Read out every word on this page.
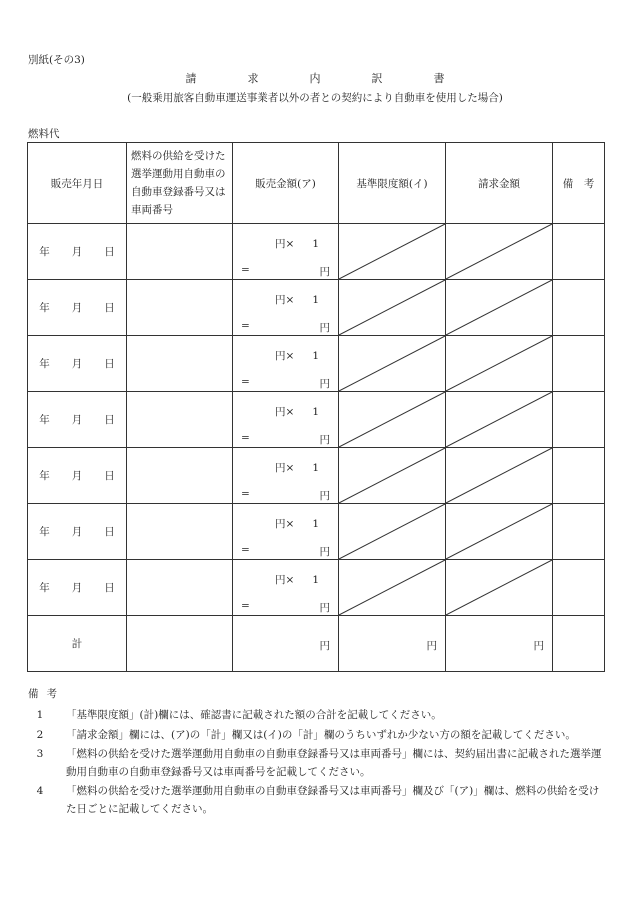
別紙(その3)
請　求　内　訳　書
(一般乗用旅客自動車運送事業者以外の者との契約により自動車を使用した場合)
燃料代
販売年月日	燃料の供給を受けた選挙運動用自動車の自動車登録番号又は車両番号	販売金額(ア)	基準限度額(イ)	請求金額	備　考
年 月 日		円× 1
= 円

年 月 日		円× 1
= 円

年 月 日		円× 1
= 円

年 月 日		円× 1
= 円

年 月 日		円× 1
= 円

年 月 日		円× 1
= 円

年 月 日		円× 1
= 円

計		円	円	円	

備考
1 「基準限度額」(計)欄には、確認書に記載された額の合計を記載してください。
2 「請求金額」欄には、(ア)の「計」欄又は(イ)の「計」欄のうちいずれか少ない方の額を記載してください。
3 「燃料の供給を受けた選挙運動用自動車の自動車登録番号又は車両番号」欄には、契約届出書に記載された選挙運動用自動車の自動車登録番号又は車両番号を記載してください。
4 「燃料の供給を受けた選挙運動用自動車の自動車登録番号又は車両番号」欄及び「(ア)」欄は、燃料の供給を受けた日ごとに記載してください。
